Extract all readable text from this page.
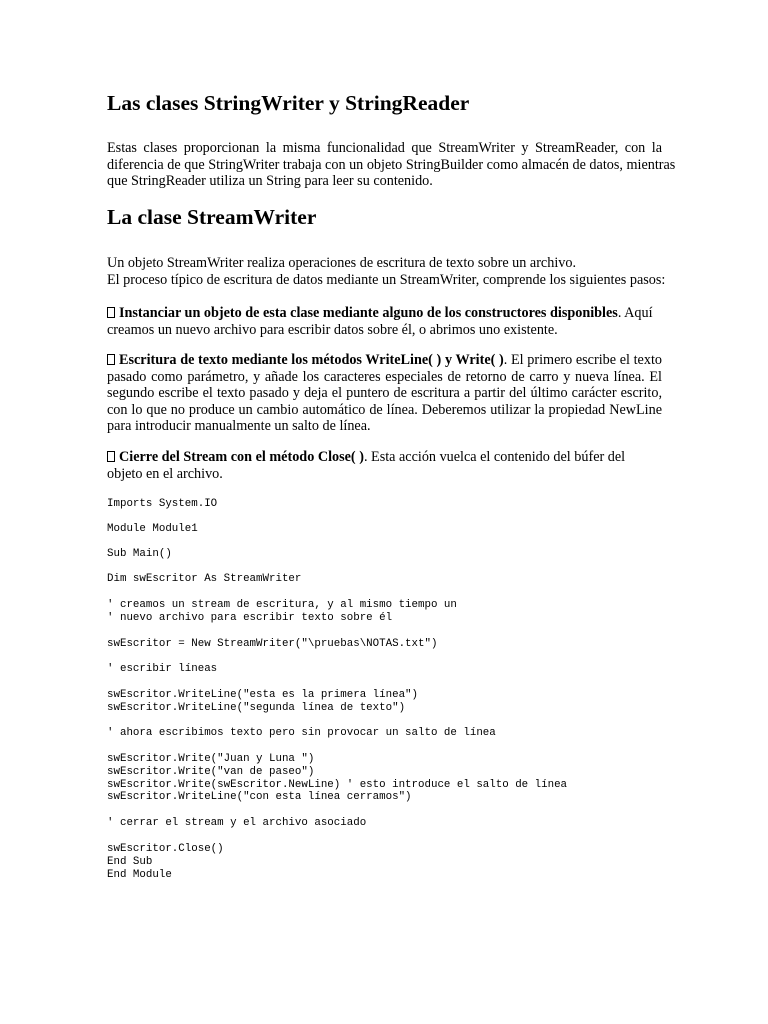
Las clases StringWriter y StringReader
Estas clases proporcionan la misma funcionalidad que StreamWriter y StreamReader, con la
diferencia de que StringWriter trabaja con un objeto StringBuilder como almacén de datos, mientras
que StringReader utiliza un String para leer su contenido.
La clase StreamWriter
Un objeto StreamWriter realiza operaciones de escritura de texto sobre un archivo.
El proceso típico de escritura de datos mediante un StreamWriter, comprende los siguientes pasos:
Instanciar un objeto de esta clase mediante alguno de los constructores disponibles. Aquí
creamos un nuevo archivo para escribir datos sobre él, o abrimos uno existente.
Escritura de texto mediante los métodos WriteLine( ) y Write( ). El primero escribe el texto
pasado como parámetro, y añade los caracteres especiales de retorno de carro y nueva línea. El
segundo escribe el texto pasado y deja el puntero de escritura a partir del último carácter escrito,
con lo que no produce un cambio automático de línea. Deberemos utilizar la propiedad NewLine
para introducir manualmente un salto de línea.
Cierre del Stream con el método Close( ). Esta acción vuelca el contenido del búfer del
objeto en el archivo.
Imports System.IO
Module Module1
Sub Main()
Dim swEscritor As StreamWriter
' creamos un stream de escritura, y al mismo tiempo un
' nuevo archivo para escribir texto sobre él
swEscritor = New StreamWriter("\pruebas\NOTAS.txt")
' escribir líneas
swEscritor.WriteLine("esta es la primera línea")
swEscritor.WriteLine("segunda línea de texto")
' ahora escribimos texto pero sin provocar un salto de línea
swEscritor.Write("Juan y Luna ")
swEscritor.Write("van de paseo")
swEscritor.Write(swEscritor.NewLine) ' esto introduce el salto de línea
swEscritor.WriteLine("con esta línea cerramos")
' cerrar el stream y el archivo asociado
swEscritor.Close()
End Sub
End Module
